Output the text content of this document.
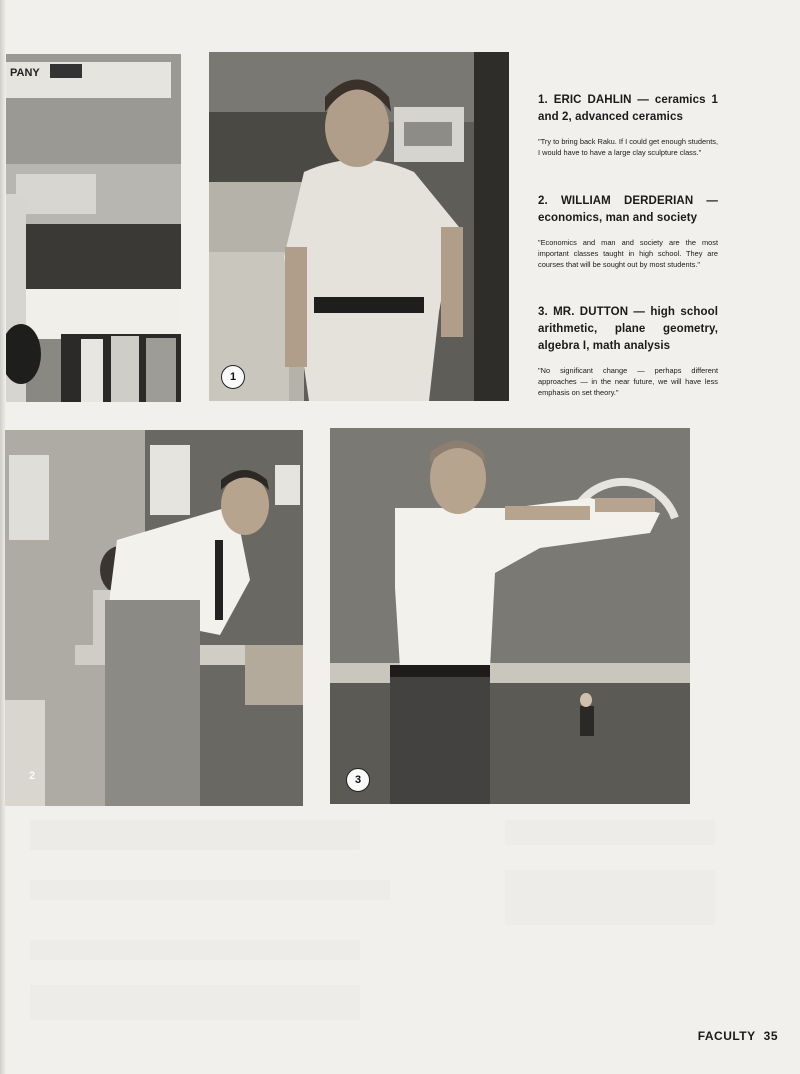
PANY
1

1. ERIC DAHLIN — ceramics 1 and 2, advanced ceramics

"Try to bring back Raku. If I could get enough students, I would have to have a large clay sculpture class."

2. WILLIAM DERDERIAN — economics, man and society

"Economics and man and society are the most important classes taught in high school. They are courses that will be sought out by most students."

3. MR. DUTTON — high school arithmetic, plane geometry, algebra I, math analysis

"No significant change — perhaps different approaches — in the near future, we will have less emphasis on set theory."

2	3
FACULTY 35
